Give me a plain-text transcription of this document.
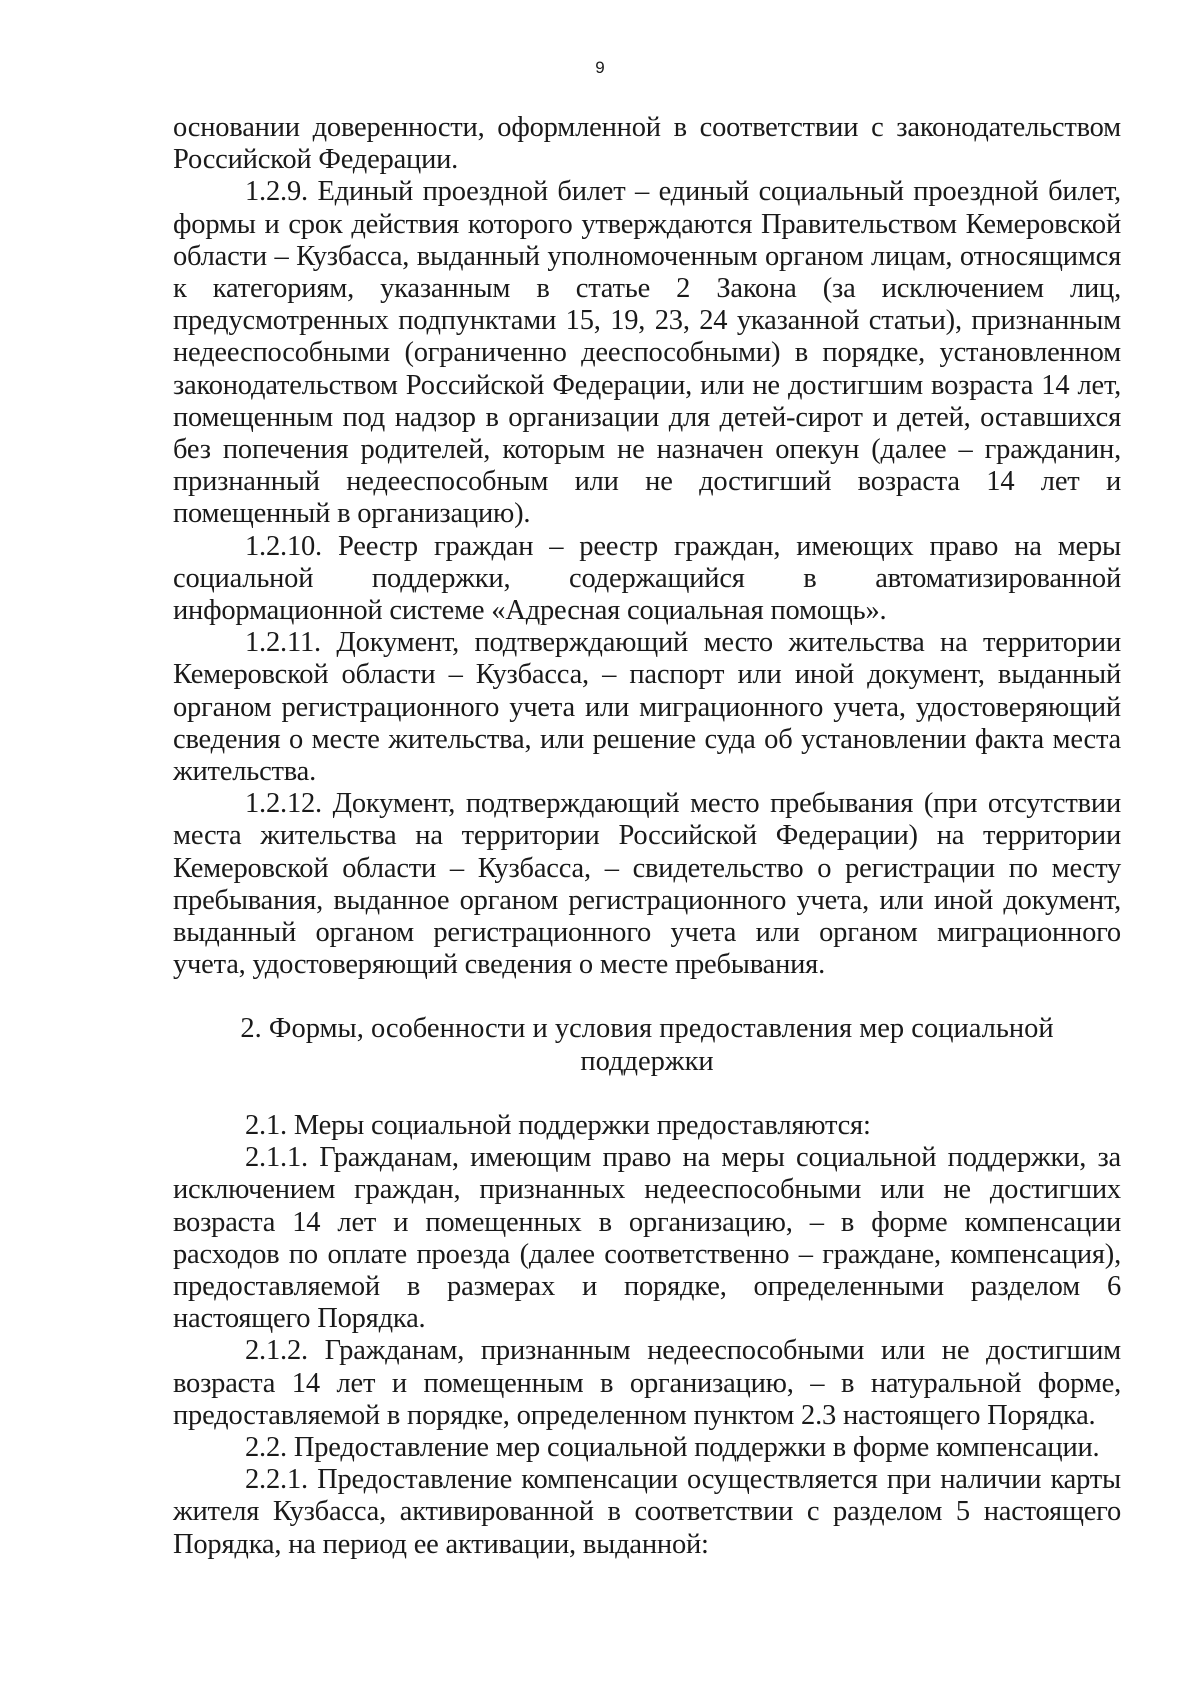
9

основании доверенности, оформленной в соответствии с законодательством Российской Федерации.

1.2.9. Единый проездной билет – единый социальный проездной билет, формы и срок действия которого утверждаются Правительством Кемеровской области – Кузбасса, выданный уполномоченным органом лицам, относящимся к категориям, указанным в статье 2 Закона (за исключением лиц, предусмотренных подпунктами 15, 19, 23, 24 указанной статьи), признанным недееспособными (ограниченно дееспособными) в порядке, установленном законодательством Российской Федерации, или не достигшим возраста 14 лет, помещенным под надзор в организации для детей-сирот и детей, оставшихся без попечения родителей, которым не назначен опекун (далее – гражданин, признанный недееспособным или не достигший возраста 14 лет и помещенный в организацию).

1.2.10. Реестр граждан – реестр граждан, имеющих право на меры социальной поддержки, содержащийся в автоматизированной информационной системе «Адресная социальная помощь».

1.2.11. Документ, подтверждающий место жительства на территории Кемеровской области – Кузбасса, – паспорт или иной документ, выданный органом регистрационного учета или миграционного учета, удостоверяющий сведения о месте жительства, или решение суда об установлении факта места жительства.

1.2.12. Документ, подтверждающий место пребывания (при отсутствии места жительства на территории Российской Федерации) на территории Кемеровской области – Кузбасса, – свидетельство о регистрации по месту пребывания, выданное органом регистрационного учета, или иной документ, выданный органом регистрационного учета или органом миграционного учета, удостоверяющий сведения о месте пребывания.

2. Формы, особенности и условия предоставления мер социальной поддержки

2.1. Меры социальной поддержки предоставляются:

2.1.1. Гражданам, имеющим право на меры социальной поддержки, за исключением граждан, признанных недееспособными или не достигших возраста 14 лет и помещенных в организацию, – в форме компенсации расходов по оплате проезда (далее соответственно – граждане, компенсация), предоставляемой в размерах и порядке, определенными разделом 6 настоящего Порядка.

2.1.2. Гражданам, признанным недееспособными или не достигшим возраста 14 лет и помещенным в организацию, – в натуральной форме, предоставляемой в порядке, определенном пунктом 2.3 настоящего Порядка.

2.2. Предоставление мер социальной поддержки в форме компенсации.

2.2.1. Предоставление компенсации осуществляется при наличии карты жителя Кузбасса, активированной в соответствии с разделом 5 настоящего Порядка, на период ее активации, выданной:
